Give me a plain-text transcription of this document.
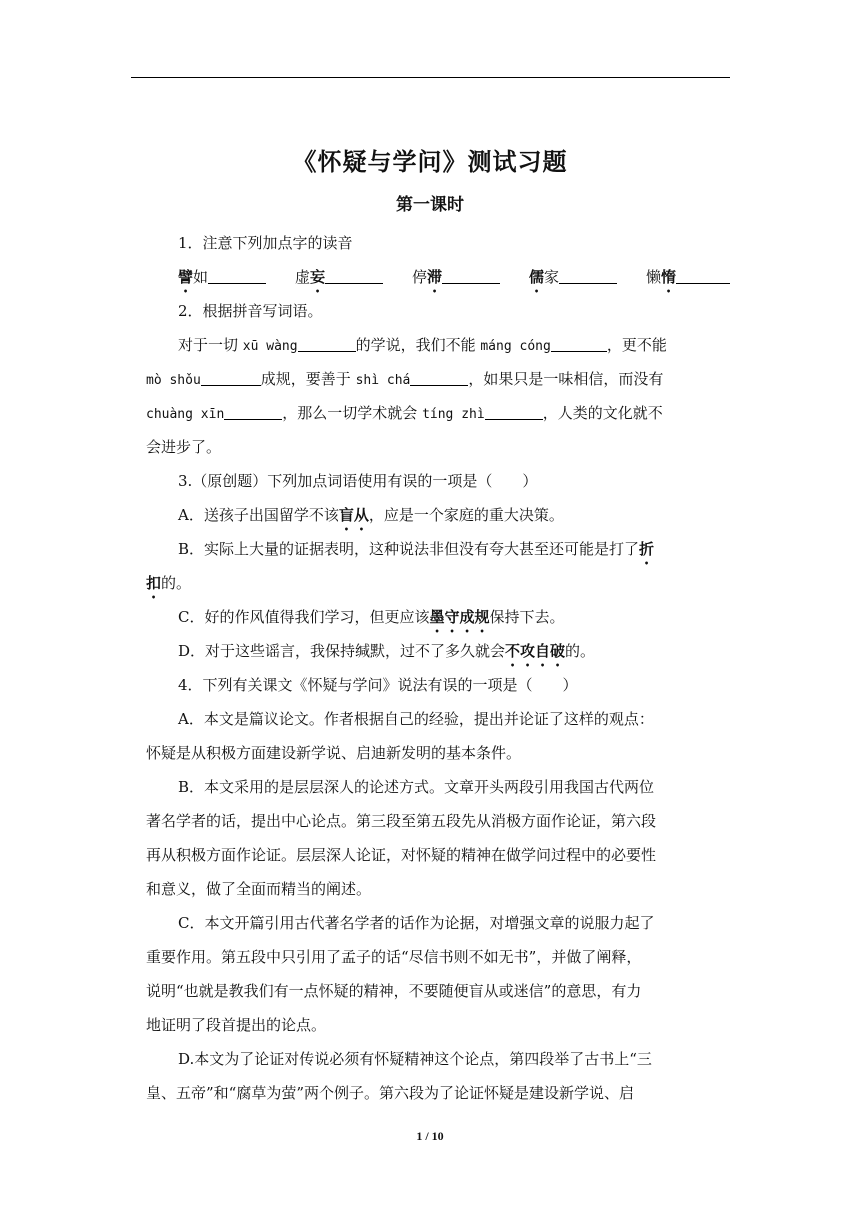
《怀疑与学问》测试习题
第一课时
1．注意下列加点字的读音
譬如	虚妄	停滞	儒家	懒惰
2．根据拼音写词语。
对于一切 xū wàng	的学说，我们不能 máng cóng	，更不能
mò shǒu	成规，要善于 shì chá	，如果只是一味相信，而没有
chuàng xīn	，那么一切学术就会 tíng zhì	，人类的文化就不
会进步了。
3.（原创题）下列加点词语使用有误的一项是（　　）
A．送孩子出国留学不该盲从，应是一个家庭的重大决策。
B．实际上大量的证据表明，这种说法非但没有夸大甚至还可能是打了折
扣的。
C．好的作风值得我们学习，但更应该墨守成规保持下去。
D．对于这些谣言，我保持缄默，过不了多久就会不攻自破的。
4．下列有关课文《怀疑与学问》说法有误的一项是（　　）
A．本文是篇议论文。作者根据自己的经验，提出并论证了这样的观点：
怀疑是从积极方面建设新学说、启迪新发明的基本条件。
B．本文采用的是层层深人的论述方式。文章开头两段引用我国古代两位
著名学者的话，提出中心论点。第三段至第五段先从消极方面作论证，第六段
再从积极方面作论证。层层深人论证，对怀疑的精神在做学问过程中的必要性
和意义，做了全面而精当的阐述。
C．本文开篇引用古代著名学者的话作为论据，对增强文章的说服力起了
重要作用。第五段中只引用了孟子的话“尽信书则不如无书”，并做了阐释，
说明“也就是教我们有一点怀疑的精神，不要随便盲从或迷信”的意思，有力
地证明了段首提出的论点。
D.本文为了论证对传说必须有怀疑精神这个论点，第四段举了古书上“三
皇、五帝”和“腐草为萤”两个例子。第六段为了论证怀疑是建设新学说、启
1 / 10
